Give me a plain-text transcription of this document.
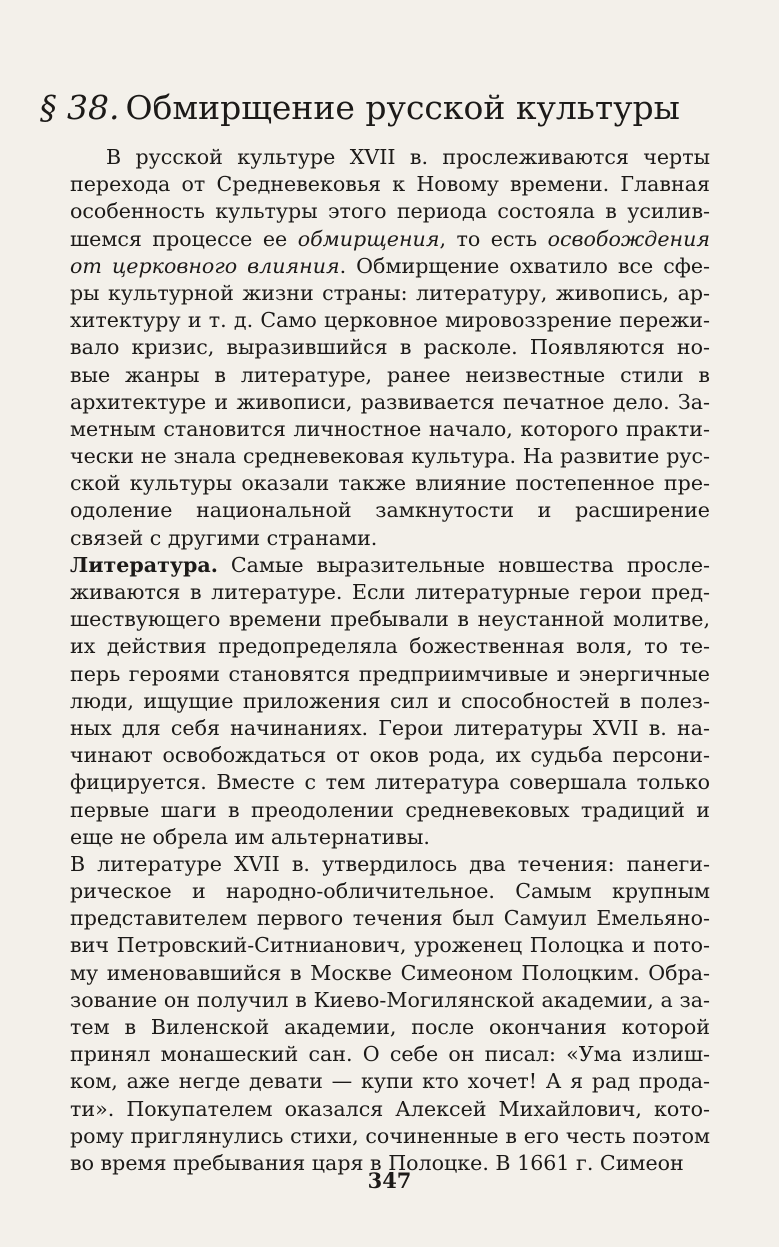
§ 38. Обмирщение русской культуры
В русской культуре XVII в. прослеживаются черты
перехода от Средневековья к Новому времени. Главная
особенность культуры этого периода состояла в усилив-
шемся процессе ее обмирщения, то есть освобождения
от церковного влияния. Обмирщение охватило все сфе-
ры культурной жизни страны: литературу, живопись, ар-
хитектуру и т. д. Само церковное мировоззрение пережи-
вало кризис, выразившийся в расколе. Появляются но-
вые жанры в литературе, ранее неизвестные стили в
архитектуре и живописи, развивается печатное дело. За-
метным становится личностное начало, которого практи-
чески не знала средневековая культура. На развитие рус-
ской культуры оказали также влияние постепенное пре-
одоление национальной замкнутости и расширение
связей с другими странами.
Литература. Самые выразительные новшества просле-
живаются в литературе. Если литературные герои пред-
шествующего времени пребывали в неустанной молитве,
их действия предопределяла божественная воля, то те-
перь героями становятся предприимчивые и энергичные
люди, ищущие приложения сил и способностей в полез-
ных для себя начинаниях. Герои литературы XVII в. на-
чинают освобождаться от оков рода, их судьба персони-
фицируется. Вместе с тем литература совершала только
первые шаги в преодолении средневековых традиций и
еще не обрела им альтернативы.
В литературе XVII в. утвердилось два течения: панеги-
рическое и народно-обличительное. Самым крупным
представителем первого течения был Самуил Емельяно-
вич Петровский-Ситнианович, уроженец Полоцка и пото-
му именовавшийся в Москве Симеоном Полоцким. Обра-
зование он получил в Киево-Могилянской академии, а за-
тем в Виленской академии, после окончания которой
принял монашеский сан. О себе он писал: «Ума излиш-
ком, аже негде девати — купи кто хочет! А я рад прода-
ти». Покупателем оказался Алексей Михайлович, кото-
рому приглянулись стихи, сочиненные в его честь поэтом
во время пребывания царя в Полоцке. В 1661 г. Симеон
347
